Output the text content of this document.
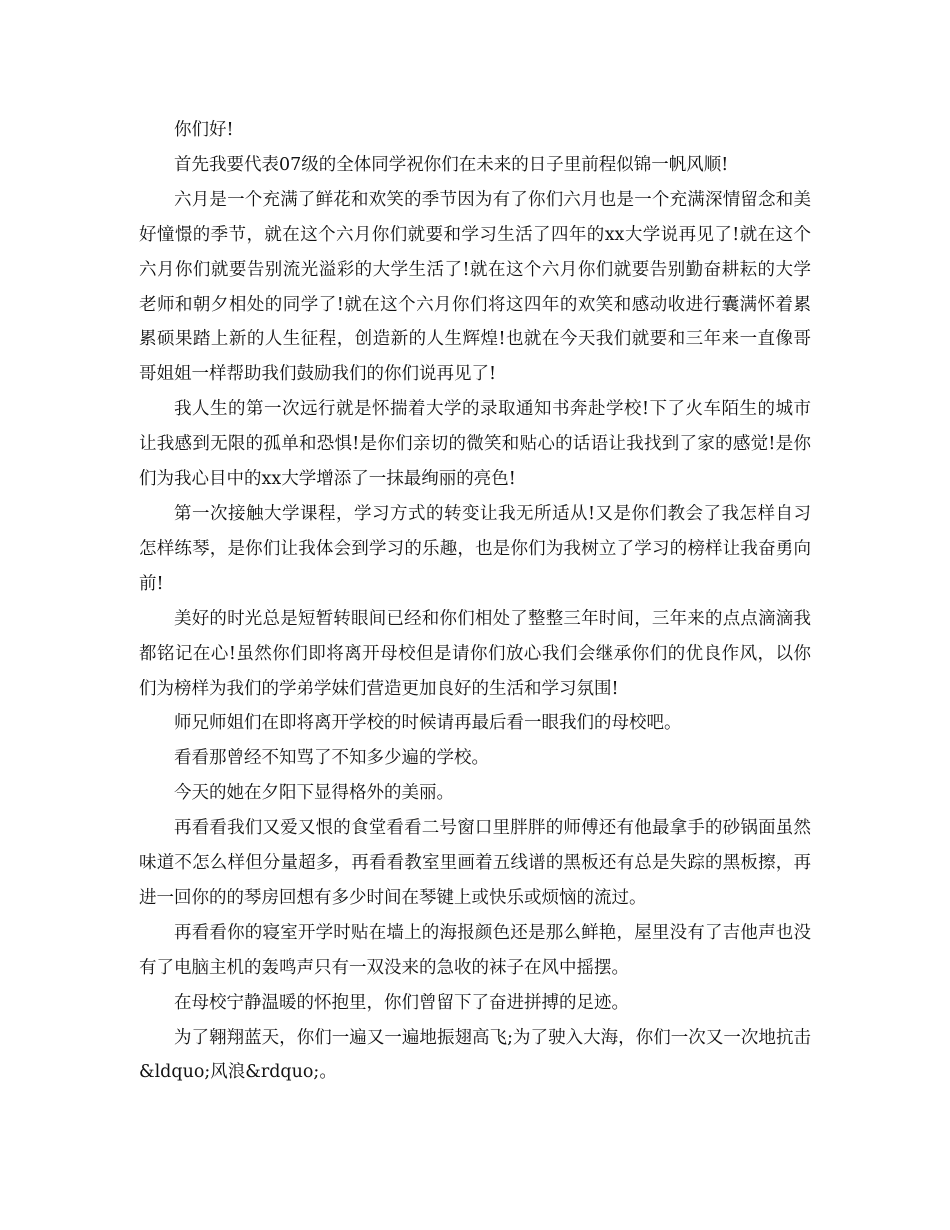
你们好!

首先我要代表07级的全体同学祝你们在未来的日子里前程似锦一帆风顺!

六月是一个充满了鲜花和欢笑的季节因为有了你们六月也是一个充满深情留念和美好憧憬的季节，就在这个六月你们就要和学习生活了四年的xx大学说再见了!就在这个六月你们就要告别流光溢彩的大学生活了!就在这个六月你们就要告别勤奋耕耘的大学老师和朝夕相处的同学了!就在这个六月你们将这四年的欢笑和感动收进行囊满怀着累累硕果踏上新的人生征程，创造新的人生辉煌!也就在今天我们就要和三年来一直像哥哥姐姐一样帮助我们鼓励我们的你们说再见了!

我人生的第一次远行就是怀揣着大学的录取通知书奔赴学校!下了火车陌生的城市让我感到无限的孤单和恐惧!是你们亲切的微笑和贴心的话语让我找到了家的感觉!是你们为我心目中的xx大学增添了一抹最绚丽的亮色!

第一次接触大学课程，学习方式的转变让我无所适从!又是你们教会了我怎样自习怎样练琴，是你们让我体会到学习的乐趣，也是你们为我树立了学习的榜样让我奋勇向前!

美好的时光总是短暂转眼间已经和你们相处了整整三年时间，三年来的点点滴滴我都铭记在心!虽然你们即将离开母校但是请你们放心我们会继承你们的优良作风，以你们为榜样为我们的学弟学妹们营造更加良好的生活和学习氛围!

师兄师姐们在即将离开学校的时候请再最后看一眼我们的母校吧。

看看那曾经不知骂了不知多少遍的学校。

今天的她在夕阳下显得格外的美丽。

再看看我们又爱又恨的食堂看看二号窗口里胖胖的师傅还有他最拿手的砂锅面虽然味道不怎么样但分量超多，再看看教室里画着五线谱的黑板还有总是失踪的黑板擦，再进一回你的的琴房回想有多少时间在琴键上或快乐或烦恼的流过。

再看看你的寝室开学时贴在墙上的海报颜色还是那么鲜艳，屋里没有了吉他声也没有了电脑主机的轰鸣声只有一双没来的急收的袜子在风中摇摆。

在母校宁静温暖的怀抱里，你们曾留下了奋进拼搏的足迹。

为了翱翔蓝天，你们一遍又一遍地振翅高飞;为了驶入大海，你们一次又一次地抗击&ldquo;风浪&rdquo;。
